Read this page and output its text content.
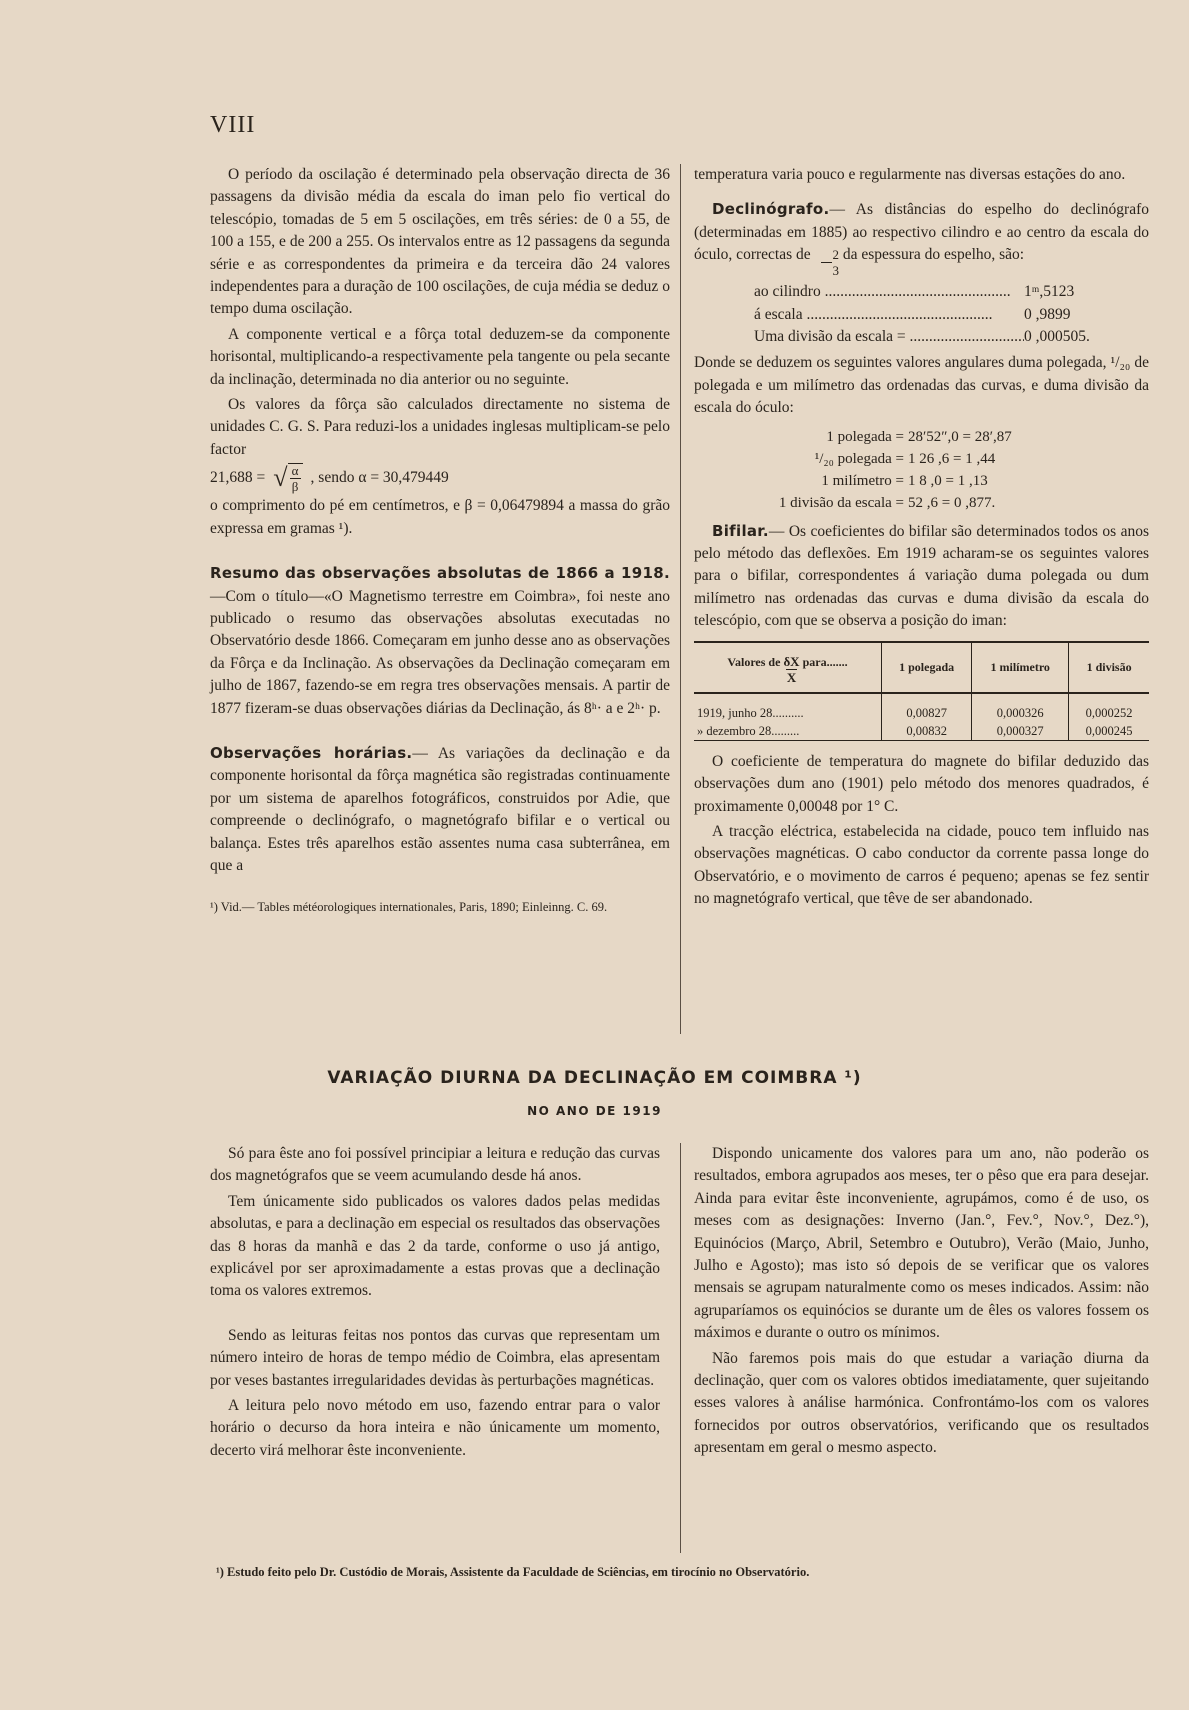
VIII

O período da oscilação é determinado pela observação directa de 36 passagens da divisão média da escala do iman pelo fio vertical do telescópio, tomadas de 5 em 5 oscilações, em três séries: de 0 a 55, de 100 a 155, e de 200 a 255. Os intervalos entre as 12 passagens da segunda série e as correspondentes da primeira e da terceira dão 24 valores independentes para a duração de 100 oscilações, de cuja média se deduz o tempo duma oscilação.

A componente vertical e a fôrça total deduzem-se da componente horisontal, multiplicando-a respectivamente pela tangente ou pela secante da inclinação, determinada no dia anterior ou no seguinte.

Os valores da fôrça são calculados directamente no sistema de unidades C. G. S. Para reduzi-los a unidades inglesas multiplicam-se pelo factor

21,688 = √ $\frac{\alpha}{\beta}$ , sendo α = 30,479449

o comprimento do pé em centímetros, e β = 0,06479894 a massa do grão expressa em gramas ¹).

Resumo das observações absolutas de 1866 a 1918.—Com o título—«O Magnetismo terrestre em Coimbra», foi neste ano publicado o resumo das observações absolutas executadas no Observatório desde 1866. Começaram em junho desse ano as observações da Fôrça e da Inclinação. As observações da Declinação começaram em julho de 1867, fazendo-se em regra tres observações mensais. A partir de 1877 fizeram-se duas observações diárias da Declinação, ás 8ʰ· a e 2ʰ· p.

Observações horárias.— As variações da declinação e da componente horisontal da fôrça magnética são registradas continuamente por um sistema de aparelhos fotográficos, construidos por Adie, que compreende o declinógrafo, o magnetógrafo bifilar e o vertical ou balança. Estes três aparelhos estão assentes numa casa subterrânea, em que a

¹) Vid.— Tables météorologiques internationales, Paris, 1890; Einleinng. C. 69.

temperatura varia pouco e regularmente nas diversas estações do ano.

Declinógrafo.— As distâncias do espelho do declinógrafo (determinadas em 1885) ao respectivo cilindro e ao centro da escala do óculo, correctas de $\frac{2}{3}$ da espessura do espelho, são:

ao cilindro .....	1ᵐ,5123
á escala .....	0 ,9899
Uma divisão da escala = .....	0 ,000505.

Donde se deduzem os seguintes valores angulares duma polegada, ¹/₂₀ de polegada e um milímetro das ordenadas das curvas, e duma divisão da escala do óculo:

1 polegada = 28′52″,0 = 28′,87
¹/₂₀ polegada = 1 26 ,6 = 1 ,44
1 milímetro = 1 8 ,0 = 1 ,13
1 divisão da escala = 52 ,6 = 0 ,877.

Bifilar.— Os coeficientes do bifilar são determinados todos os anos pelo método das deflexões. Em 1919 acharam-se os seguintes valores para o bifilar, correspondentes á variação duma polegada ou dum milímetro nas ordenadas das curvas e duma divisão da escala do telescópio, com que se observa a posição do iman:

Valores de $\frac{\delta X}{X}$ para.......	1 polegada	1 milímetro	1 divisão
1919, junho 28..........	0,00827	0,000326	0,000252
» dezembro 28.........	0,00832	0,000327	0,000245

O coeficiente de temperatura do magnete do bifilar deduzido das observações dum ano (1901) pelo método dos menores quadrados, é proximamente 0,00048 por 1° C.

A tracção eléctrica, estabelecida na cidade, pouco tem influido nas observações magnéticas. O cabo conductor da corrente passa longe do Observatório, e o movimento de carros é pequeno; apenas se fez sentir no magnetógrafo vertical, que têve de ser abandonado.

VARIAÇÃO DIURNA DA DECLINAÇÃO EM COIMBRA ¹)
NO ANO DE 1919

Só para êste ano foi possível principiar a leitura e redução das curvas dos magnetógrafos que se veem acumulando desde há anos.

Tem únicamente sido publicados os valores dados pelas medidas absolutas, e para a declinação em especial os resultados das observações das 8 horas da manhã e das 2 da tarde, conforme o uso já antigo, explicável por ser aproximadamente a estas provas que a declinação toma os valores extremos.

Sendo as leituras feitas nos pontos das curvas que representam um número inteiro de horas de tempo médio de Coimbra, elas apresentam por veses bastantes irregularidades devidas às perturbações magnéticas.

A leitura pelo novo método em uso, fazendo entrar para o valor horário o decurso da hora inteira e não únicamente um momento, decerto virá melhorar êste inconveniente.

Dispondo unicamente dos valores para um ano, não poderão os resultados, embora agrupados aos meses, ter o pêso que era para desejar. Ainda para evitar êste inconveniente, agrupámos, como é de uso, os meses com as designações: Inverno (Jan.°, Fev.°, Nov.°, Dez.°), Equinócios (Março, Abril, Setembro e Outubro), Verão (Maio, Junho, Julho e Agosto); mas isto só depois de se verificar que os valores mensais se agrupam naturalmente como os meses indicados. Assim: não agruparíamos os equinócios se durante um de êles os valores fossem os máximos e durante o outro os mínimos.

Não faremos pois mais do que estudar a variação diurna da declinação, quer com os valores obtidos imediatamente, quer sujeitando esses valores à análise harmónica. Confrontámo-los com os valores fornecidos por outros observatórios, verificando que os resultados apresentam em geral o mesmo aspecto.

¹) Estudo feito pelo Dr. Custódio de Morais, Assistente da Faculdade de Sciências, em tirocínio no Observatório.
